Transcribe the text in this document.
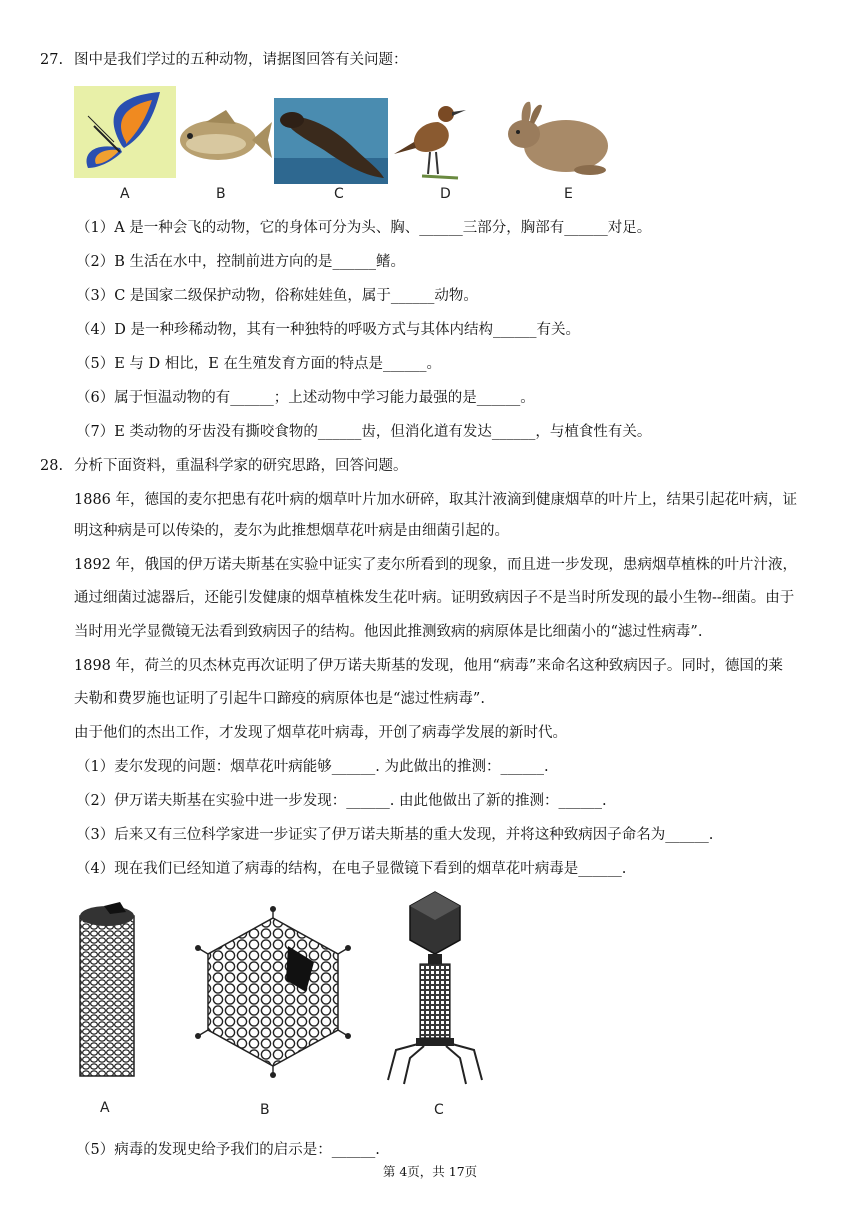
27. 图中是我们学过的五种动物，请据图回答有关问题：
A	B	C	D	E
（1）A 是一种会飞的动物，它的身体可分为头、胸、______三部分，胸部有______对足。
（2）B 生活在水中，控制前进方向的是______鳍。
（3）C 是国家二级保护动物，俗称娃娃鱼，属于______动物。
（4）D 是一种珍稀动物，其有一种独特的呼吸方式与其体内结构______有关。
（5）E 与 D 相比，E 在生殖发育方面的特点是______。
（6）属于恒温动物的有______；上述动物中学习能力最强的是______。
（7）E 类动物的牙齿没有撕咬食物的______齿，但消化道有发达______，与植食性有关。
28. 分析下面资料，重温科学家的研究思路，回答问题。
1886 年，德国的麦尔把患有花叶病的烟草叶片加水研碎，取其汁液滴到健康烟草的叶片上，结果引起花叶病，证
明这种病是可以传染的，麦尔为此推想烟草花叶病是由细菌引起的。
1892 年，俄国的伊万诺夫斯基在实验中证实了麦尔所看到的现象，而且进一步发现，患病烟草植株的叶片汁液，
通过细菌过滤器后，还能引发健康的烟草植株发生花叶病。证明致病因子不是当时所发现的最小生物--细菌。由于
当时用光学显微镜无法看到致病因子的结构。他因此推测致病的病原体是比细菌小的“滤过性病毒”.
1898 年，荷兰的贝杰林克再次证明了伊万诺夫斯基的发现，他用“病毒”来命名这种致病因子。同时，德国的莱
夫勒和费罗施也证明了引起牛口蹄疫的病原体也是“滤过性病毒”.
由于他们的杰出工作，才发现了烟草花叶病毒，开创了病毒学发展的新时代。
（1）麦尔发现的问题：烟草花叶病能够______. 为此做出的推测：______.
（2）伊万诺夫斯基在实验中进一步发现：______. 由此他做出了新的推测：______.
（3）后来又有三位科学家进一步证实了伊万诺夫斯基的重大发现，并将这种致病因子命名为______.
（4）现在我们已经知道了病毒的结构，在电子显微镜下看到的烟草花叶病毒是______.
A	B	C
（5）病毒的发现史给予我们的启示是：______.
第 4页，共 17页
